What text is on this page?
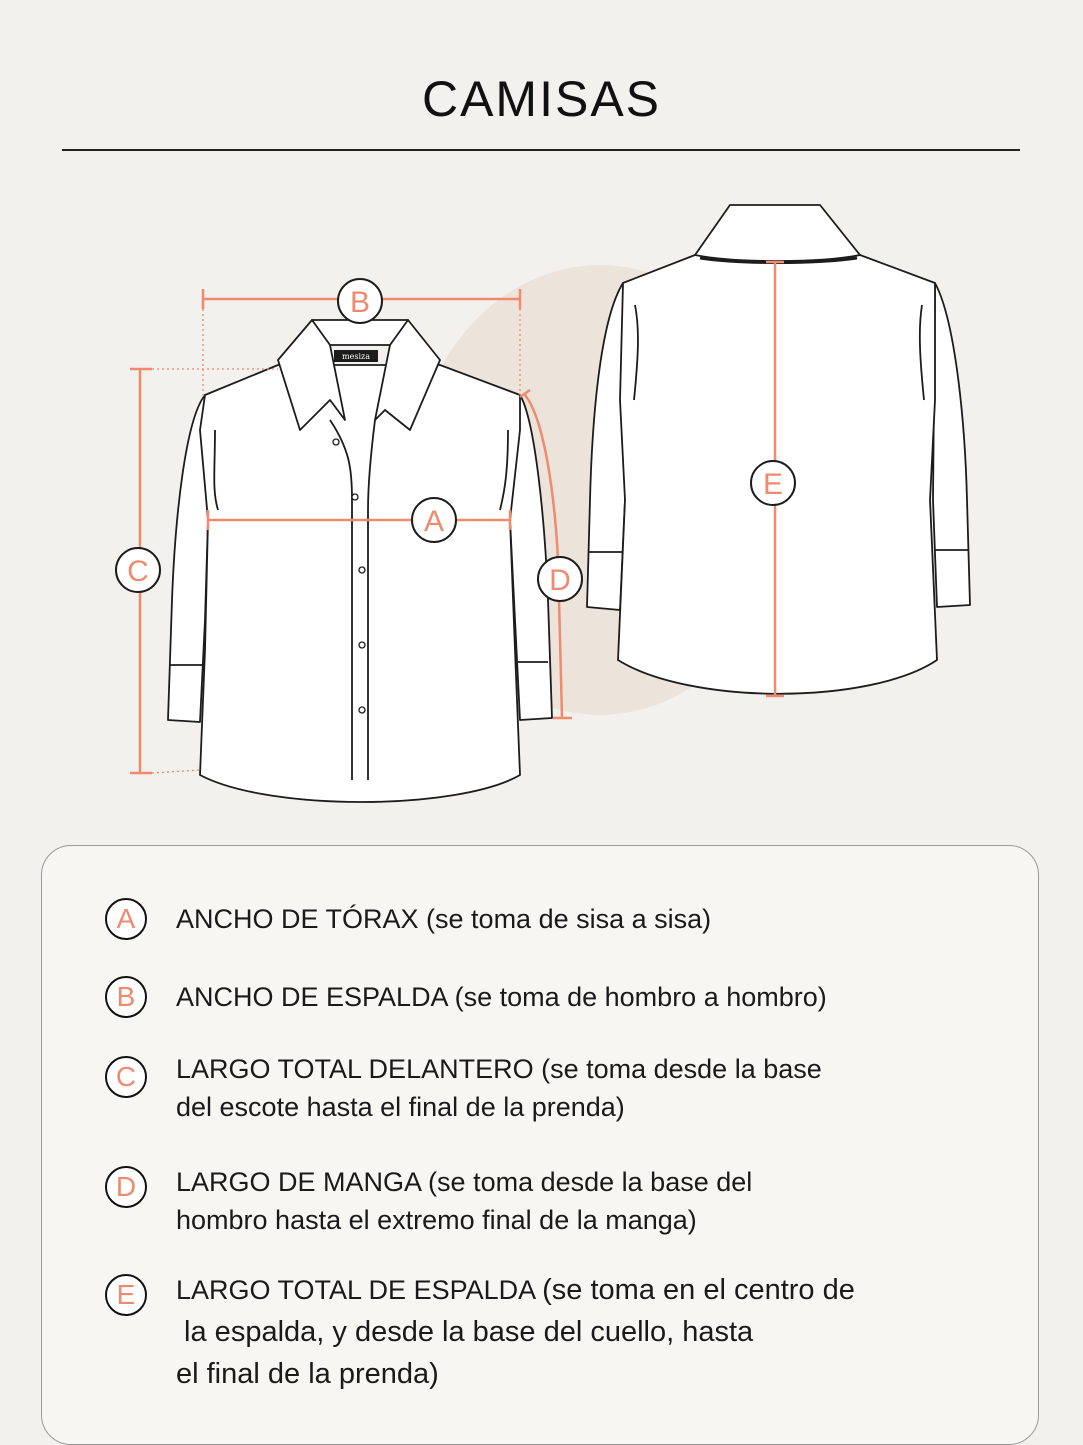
CAMISAS
mesiza
B
A
C	D
E
A	ANCHO DE TÓRAX (se toma de sisa a sisa)
B	ANCHO DE ESPALDA (se toma de hombro a hombro)
C	LARGO TOTAL DELANTERO (se toma desde la base
del escote hasta el final de la prenda)
D	LARGO DE MANGA (se toma desde la base del
hombro hasta el extremo final de la manga)
E	LARGO TOTAL DE ESPALDA (se toma en el centro de
la espalda, y desde la base del cuello, hasta
el final de la prenda)
